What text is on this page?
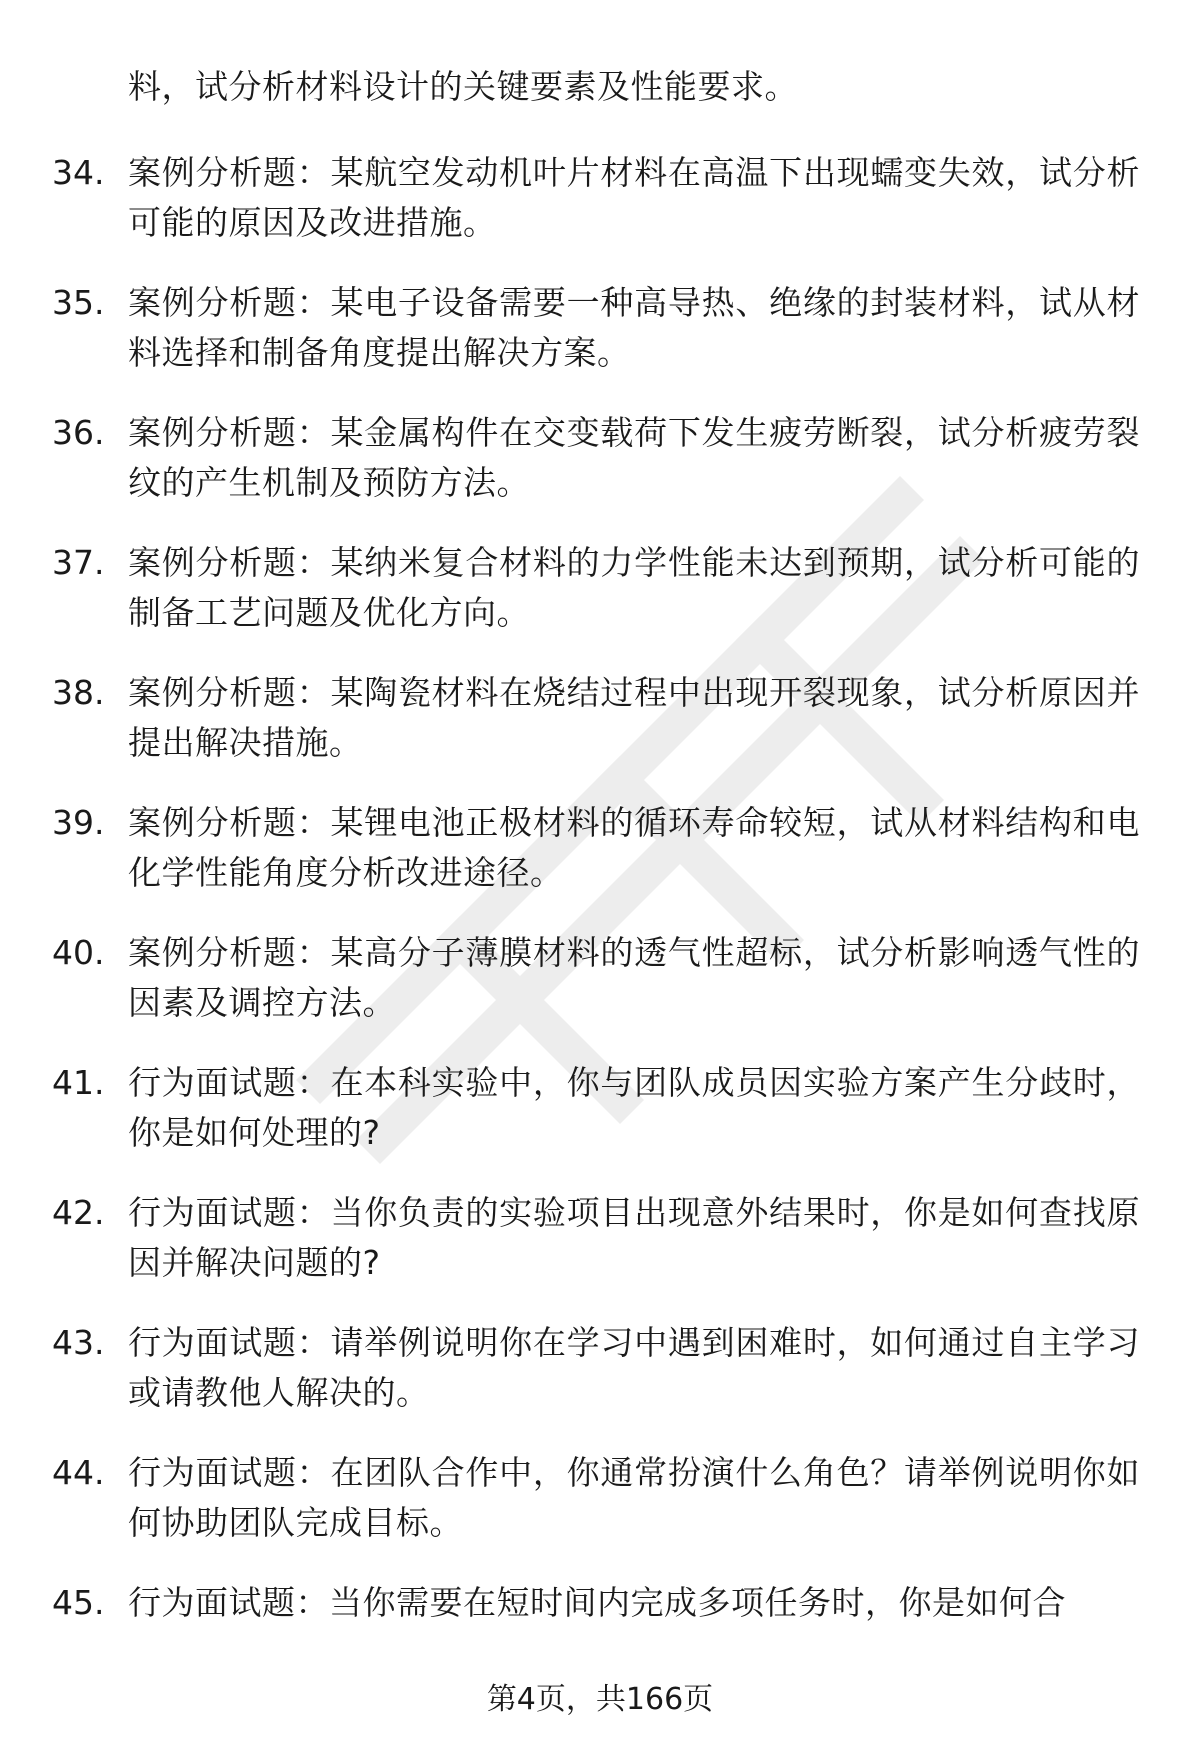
料，试分析材料设计的关键要素及性能要求。
34. 案例分析题：某航空发动机叶片材料在高温下出现蠕变失效，试分析可能的原因及改进措施。
35. 案例分析题：某电子设备需要一种高导热、绝缘的封装材料，试从材料选择和制备角度提出解决方案。
36. 案例分析题：某金属构件在交变载荷下发生疲劳断裂，试分析疲劳裂纹的产生机制及预防方法。
37. 案例分析题：某纳米复合材料的力学性能未达到预期，试分析可能的制备工艺问题及优化方向。
38. 案例分析题：某陶瓷材料在烧结过程中出现开裂现象，试分析原因并提出解决措施。
39. 案例分析题：某锂电池正极材料的循环寿命较短，试从材料结构和电化学性能角度分析改进途径。
40. 案例分析题：某高分子薄膜材料的透气性超标，试分析影响透气性的因素及调控方法。
41. 行为面试题：在本科实验中，你与团队成员因实验方案产生分歧时，你是如何处理的?
42. 行为面试题：当你负责的实验项目出现意外结果时，你是如何查找原因并解决问题的?
43. 行为面试题：请举例说明你在学习中遇到困难时，如何通过自主学习或请教他人解决的。
44. 行为面试题：在团队合作中，你通常扮演什么角色？请举例说明你如何协助团队完成目标。
45. 行为面试题：当你需要在短时间内完成多项任务时，你是如何合
第4页，共166页
